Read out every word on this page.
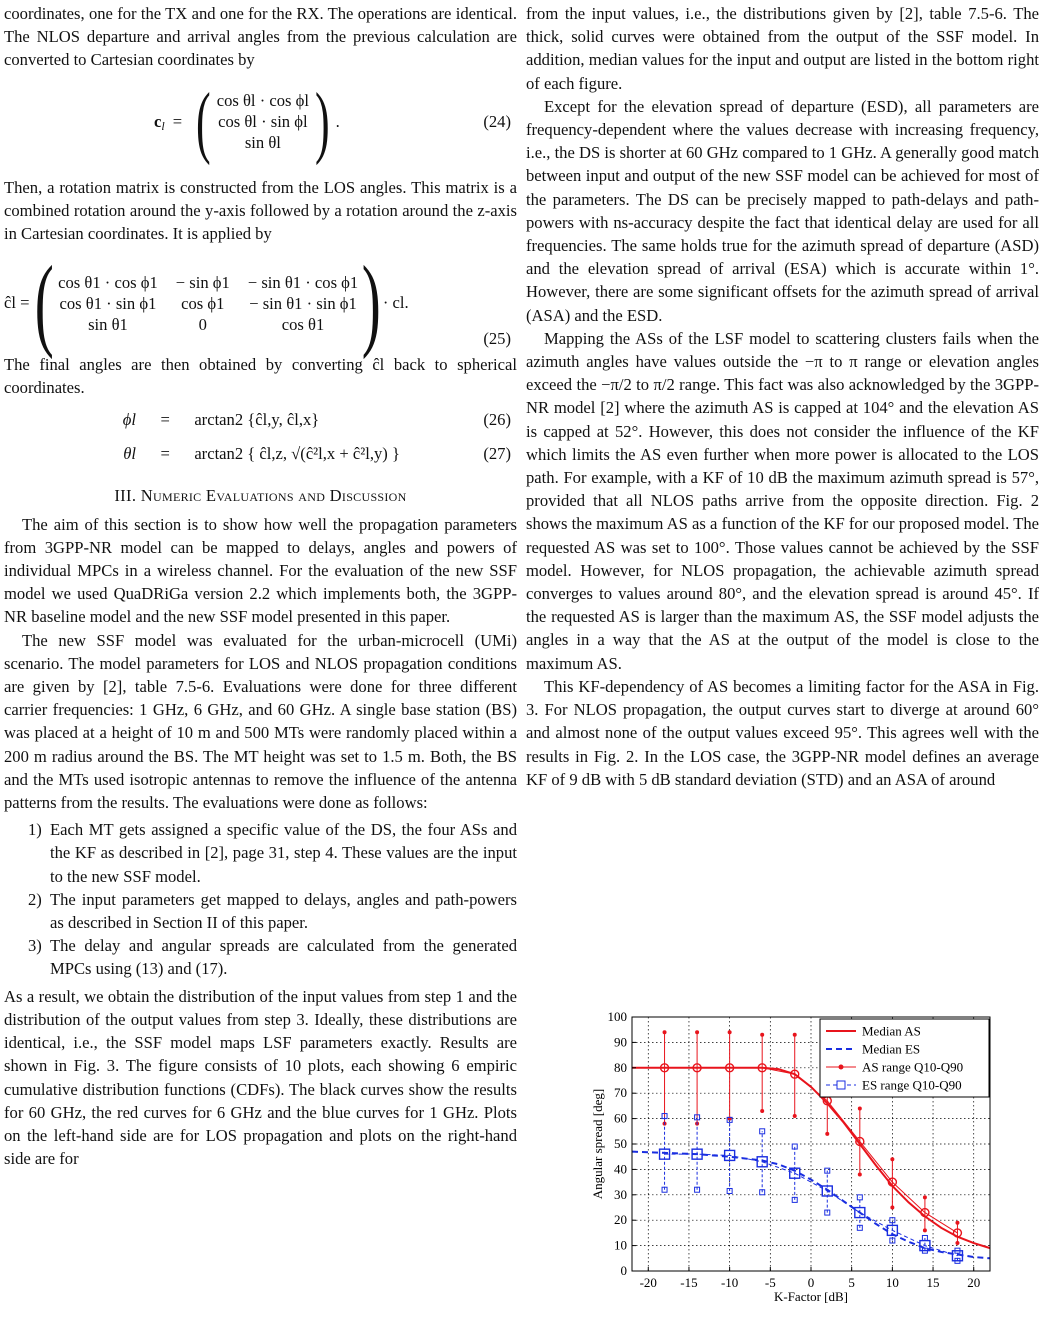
coordinates, one for the TX and one for the RX. The operations are identical. The NLOS departure and arrival angles from the previous calculation are converted to Cartesian coordinates by

$c_l$ = ( cos θl · cos ϕl
cos θl · sin ϕl
sin θl ) .	(24)

Then, a rotation matrix is constructed from the LOS angles. This matrix is a combined rotation around the y-axis followed by a rotation around the z-axis in Cartesian coordinates. It is applied by

ĉl = ( cos θ1 · cos ϕ1	− sin ϕ1	− sin θ1 · cos ϕ1
cos θ1 · sin ϕ1	cos ϕ1	− sin θ1 · sin ϕ1
sin θ1	0	cos θ1 ) · cl.
(25)

The final angles are then obtained by converting ĉl back to spherical coordinates.

ϕl = arctan2 {ĉl,y, ĉl,x}	(26)
θl = arctan2 { ĉl,z, √(ĉ²l,x + ĉ²l,y) }	(27)
III. Numeric Evaluations and Discussion

The aim of this section is to show how well the propagation parameters from 3GPP-NR model can be mapped to delays, angles and powers of individual MPCs in a wireless channel. For the evaluation of the new SSF model we used QuaDRiGa version 2.2 which implements both, the 3GPP-NR baseline model and the new SSF model presented in this paper.

The new SSF model was evaluated for the urban-microcell (UMi) scenario. The model parameters for LOS and NLOS propagation conditions are given by [2], table 7.5-6. Evaluations were done for three different carrier frequencies: 1 GHz, 6 GHz, and 60 GHz. A single base station (BS) was placed at a height of 10 m and 500 MTs were randomly placed within a 200 m radius around the BS. The MT height was set to 1.5 m. Both, the BS and the MTs used isotropic antennas to remove the influence of the antenna patterns from the results. The evaluations were done as follows:

1) Each MT gets assigned a specific value of the DS, the four ASs and the KF as described in [2], page 31, step 4. These values are the input to the new SSF model.
2) The input parameters get mapped to delays, angles and path-powers as described in Section II of this paper.
3) The delay and angular spreads are calculated from the generated MPCs using (13) and (17).

As a result, we obtain the distribution of the input values from step 1 and the distribution of the output values from step 3. Ideally, these distributions are identical, i.e., the SSF model maps LSF parameters exactly. Results are shown in Fig. 3. The figure consists of 10 plots, each showing 6 empiric cumulative distribution functions (CDFs). The black curves show the results for 60 GHz, the red curves for 6 GHz and the blue curves for 1 GHz. Plots on the left-hand side are for LOS propagation and plots on the right-hand side are for

from the input values, i.e., the distributions given by [2], table 7.5-6. The thick, solid curves were obtained from the output of the SSF model. In addition, median values for the input and output are listed in the bottom right of each figure.

Except for the elevation spread of departure (ESD), all parameters are frequency-dependent where the values decrease with increasing frequency, i.e., the DS is shorter at 60 GHz compared to 1 GHz. A generally good match between input and output of the new SSF model can be achieved for most of the parameters. The DS can be precisely mapped to path-delays and path-powers with ns-accuracy despite the fact that identical delay are used for all frequencies. The same holds true for the azimuth spread of departure (ASD) and the elevation spread of arrival (ESA) which is accurate within 1°. However, there are some significant offsets for the azimuth spread of arrival (ASA) and the ESD.

Mapping the ASs of the LSF model to scattering clusters fails when the azimuth angles have values outside the −π to π range or elevation angles exceed the −π/2 to π/2 range. This fact was also acknowledged by the 3GPP-NR model [2] where the azimuth AS is capped at 104° and the elevation AS is capped at 52°. However, this does not consider the influence of the KF which limits the AS even further when more power is allocated to the LOS path. For example, with a KF of 10 dB the maximum azimuth spread is 57°, provided that all NLOS paths arrive from the opposite direction. Fig. 2 shows the maximum AS as a function of the KF for our proposed model. The requested AS was set to 100°. Those values cannot be achieved by the SSF model. However, for NLOS propagation, the achievable azimuth spread converges to values around 80°, and the elevation spread is around 45°. If the requested AS is larger than the maximum AS, the SSF model adjusts the angles in a way that the AS at the output of the model is close to the maximum AS.

This KF-dependency of AS becomes a limiting factor for the ASA in Fig. 3. For NLOS propagation, the output curves start to diverge at around 60° and almost none of the output values exceed 95°. This agrees well with the results in Fig. 2. In the LOS case, the 3GPP-NR model defines an average KF of 9 dB with 5 dB standard deviation (STD) and an ASA of around

-20 -15 -10 -5 0	5 10 15 20
0
10
20
30
40
50
60
70
80
90
100
K-Factor [dB]
Angular spread [deg]
Median AS
Median ES
AS range Q10-Q90
ES range Q10-Q90
